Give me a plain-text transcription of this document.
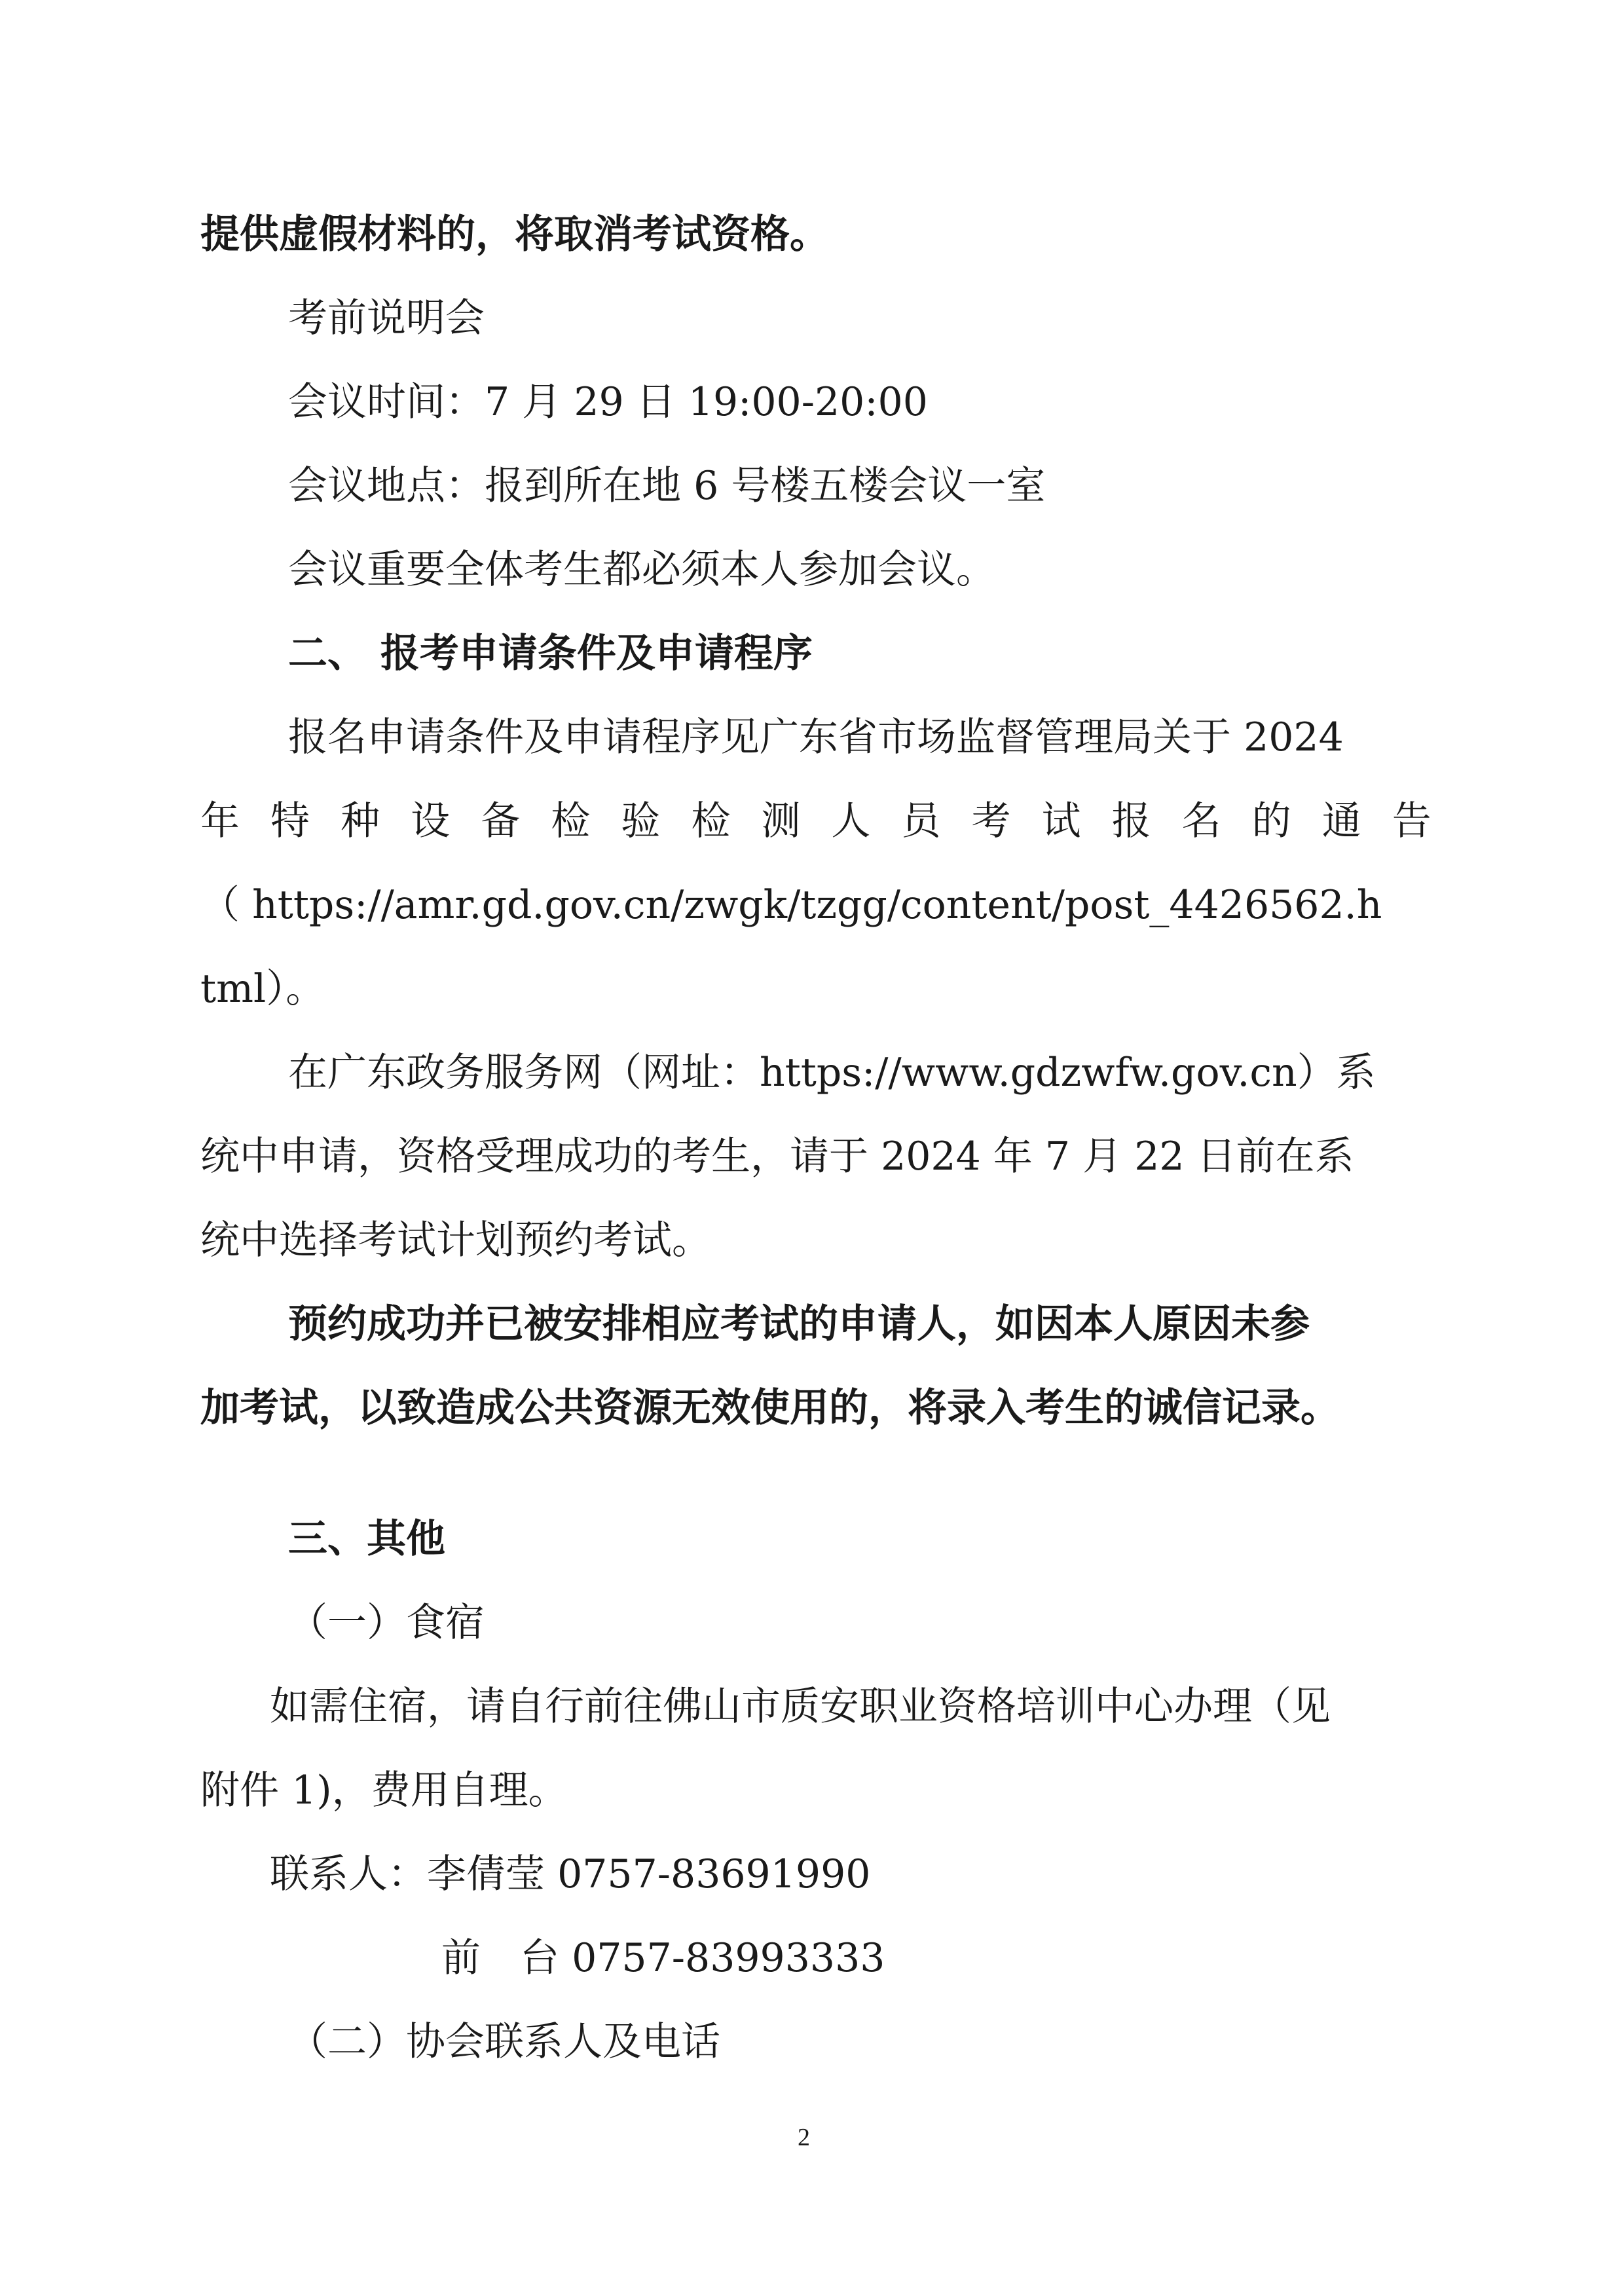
提供虚假材料的，将取消考试资格。
考前说明会
会议时间：7 月 29 日 19:00-20:00
会议地点：报到所在地 6 号楼五楼会议一室
会议重要全体考生都必须本人参加会议。
二、 报考申请条件及申请程序
报名申请条件及申请程序见广东省市场监督管理局关于 2024
年 特 种 设 备 检 验 检 测 人 员 考 试 报 名 的 通 告
（ https://amr.gd.gov.cn/zwgk/tzgg/content/post_4426562.h
tml）。
在广东政务服务网（网址：https://www.gdzwfw.gov.cn）系
统中申请，资格受理成功的考生，请于 2024 年 7 月 22 日前在系
统中选择考试计划预约考试。
预约成功并已被安排相应考试的申请人，如因本人原因未参
加考试，以致造成公共资源无效使用的，将录入考生的诚信记录。
三、其他
（一）食宿
如需住宿，请自行前往佛山市质安职业资格培训中心办理（见
附件 1)，费用自理。
联系人：李倩莹 0757-83691990
前　台 0757-83993333
（二）协会联系人及电话
2
